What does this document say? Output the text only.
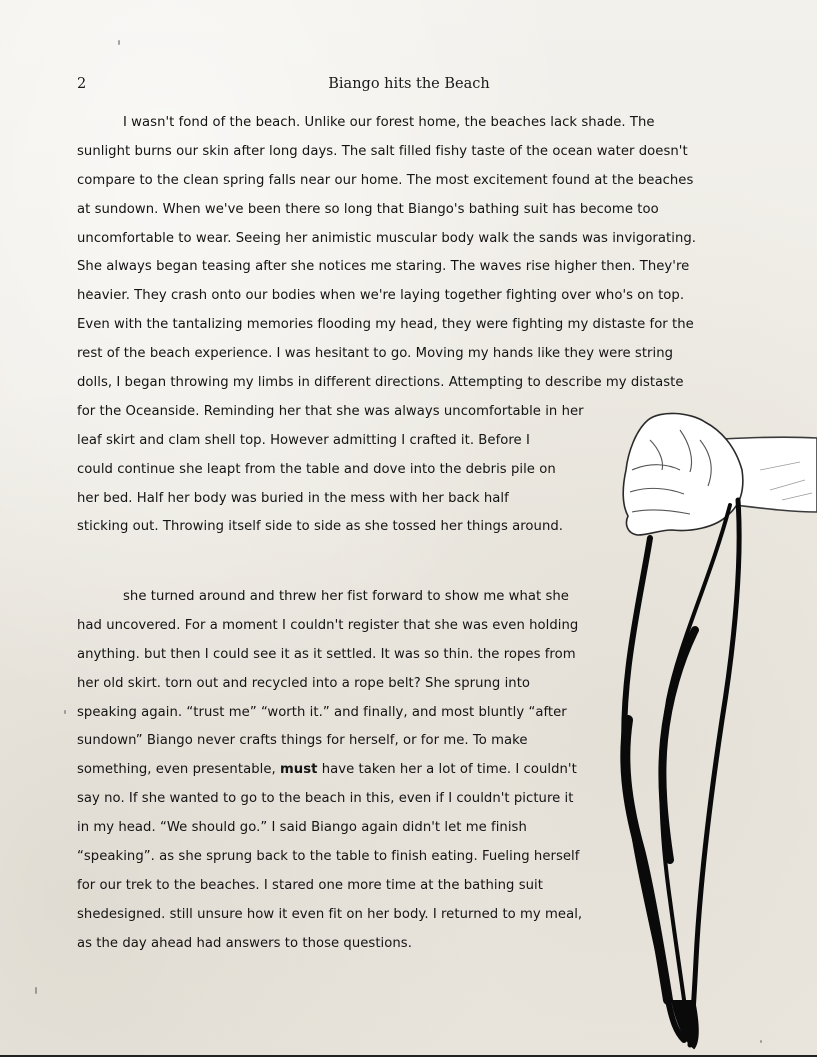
2	Biango hits the Beach
I wasn't fond of the beach. Unlike our forest home, the beaches lack shade. The
sunlight burns our skin after long days. The salt filled fishy taste of the ocean water doesn't
compare to the clean spring falls near our home. The most excitement found at the beaches
at sundown. When we've been there so long that Biango's bathing suit has become too
uncomfortable to wear. Seeing her animistic muscular body walk the sands was invigorating.
She always began teasing after she notices me staring. The waves rise higher then. They're
heavier. They crash onto our bodies when we're laying together fighting over who's on top.
Even with the tantalizing memories flooding my head, they were fighting my distaste for the
rest of the beach experience. I was hesitant to go. Moving my hands like they were string
dolls, I began throwing my limbs in different directions. Attempting to describe my distaste
for the Oceanside. Reminding her that she was always uncomfortable in her
leaf skirt and clam shell top. However admitting I crafted it. Before I
could continue she leapt from the table and dove into the debris pile on
her bed. Half her body was buried in the mess with her back half
sticking out. Throwing itself side to side as she tossed her things around.
she turned around and threw her fist forward to show me what she
had uncovered. For a moment I couldn't register that she was even holding
anything. but then I could see it as it settled. It was so thin. the ropes from
her old skirt. torn out and recycled into a rope belt? She sprung into
speaking again. “trust me” “worth it.” and finally, and most bluntly “after
sundown” Biango never crafts things for herself, or for me. To make
something, even presentable, must have taken her a lot of time. I couldn't
say no. If she wanted to go to the beach in this, even if I couldn't picture it
in my head. “We should go.” I said Biango again didn't let me finish
“speaking”. as she sprung back to the table to finish eating. Fueling herself
for our trek to the beaches. I stared one more time at the bathing suit
shedesigned. still unsure how it even fit on her body. I returned to my meal,
as the day ahead had answers to those questions.
